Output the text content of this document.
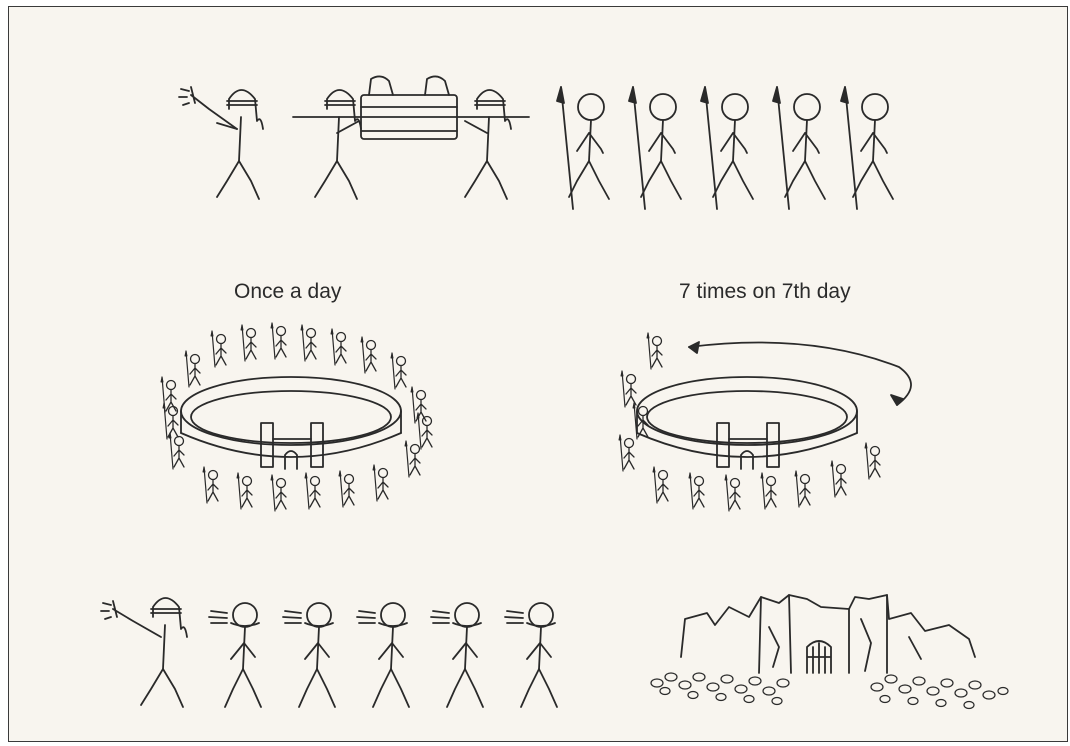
Once a day	7 times on 7th day
